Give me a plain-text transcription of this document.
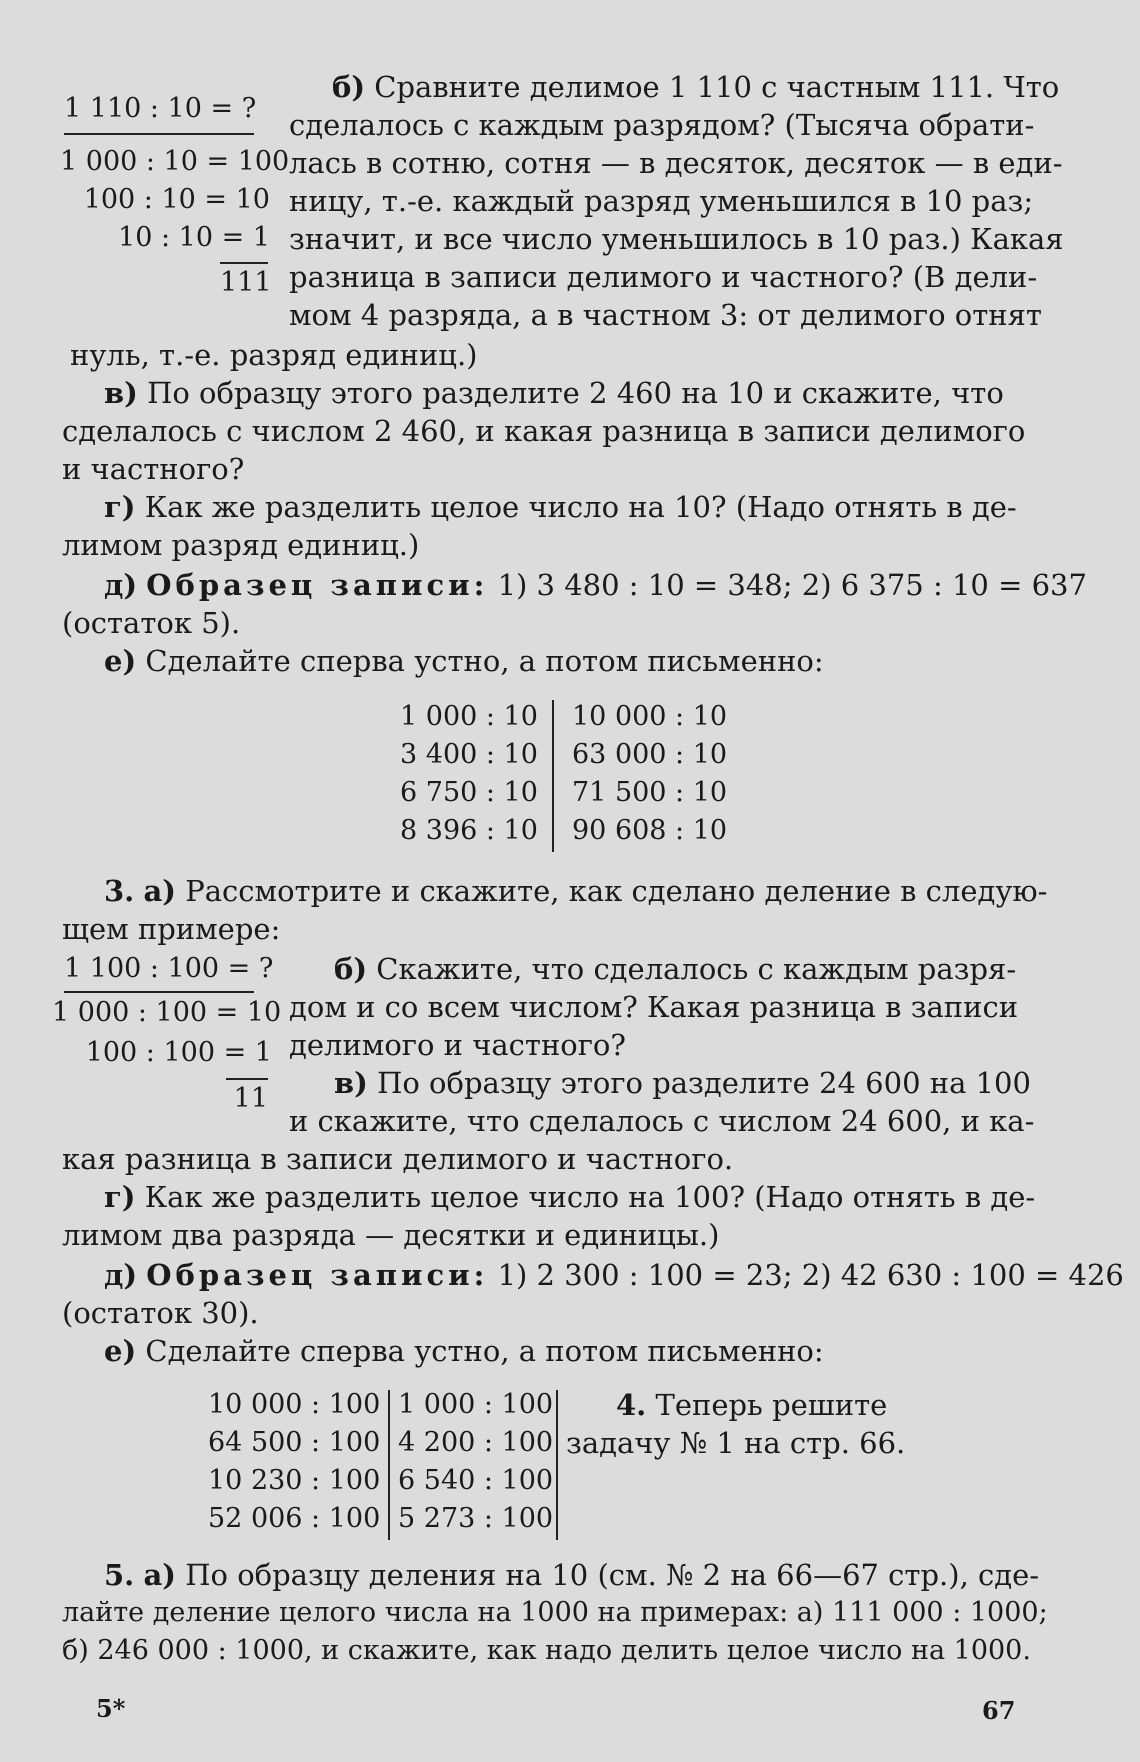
б) Сравните делимое 1 110 с частным 111. Что
сделалось с каждым разрядом? (Тысяча обрати-
лась в сотню, сотня — в десяток, десяток — в еди-
ницу, т.-е. каждый разряд уменьшился в 10 раз;
значит, и все число уменьшилось в 10 раз.) Какая
разница в записи делимого и частного? (В дели-
мом 4 разряда, а в частном 3: от делимого отнят
нуль, т.-е. разряд единиц.)
1 110 : 10 = ?
1 000 : 10 = 100
100 : 10 = 10
10 : 10 = 1
111
в) По образцу этого разделите 2 460 на 10 и скажите, что
сделалось с числом 2 460, и какая разница в записи делимого
и частного?
г) Как же разделить целое число на 10? (Надо отнять в де-
лимом разряд единиц.)
д) Образец записи: 1) 3 480 : 10 = 348; 2) 6 375 : 10 = 637
(остаток 5).
е) Сделайте сперва устно, а потом письменно:
1 000 : 10
3 400 : 10
6 750 : 10
8 396 : 10
10 000 : 10
63 000 : 10
71 500 : 10
90 608 : 10
3. а) Рассмотрите и скажите, как сделано деление в следую-
щем примере:
1 100 : 100 = ?
1 000 : 100 = 10
100 : 100 = 1
11
б) Скажите, что сделалось с каждым разря-
дом и со всем числом? Какая разница в записи
делимого и частного?
в) По образцу этого разделите 24 600 на 100
и скажите, что сделалось с числом 24 600, и ка-
кая разница в записи делимого и частного.
г) Как же разделить целое число на 100? (Надо отнять в де-
лимом два разряда — десятки и единицы.)
д) Образец записи: 1) 2 300 : 100 = 23; 2) 42 630 : 100 = 426
(остаток 30).
е) Сделайте сперва устно, а потом письменно:
10 000 : 100
64 500 : 100
10 230 : 100
52 006 : 100
1 000 : 100
4 200 : 100
6 540 : 100
5 273 : 100
4. Теперь решите
задачу № 1 на стр. 66.
5. а) По образцу деления на 10 (см. № 2 на 66—67 стр.), сде-
лайте деление целого числа на 1000 на примерах: а) 111 000 : 1000;
б) 246 000 : 1000, и скажите, как надо делить целое число на 1000.
5*	67
